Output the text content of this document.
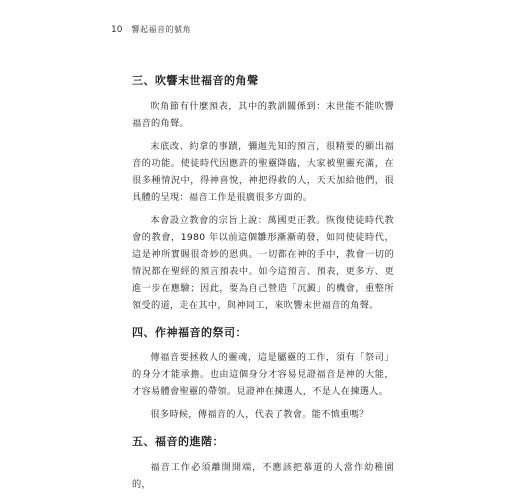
10 響起福音的號角
三、吹響末世福音的角聲

吹角節有什麼預表，其中的教訓關係到：末世能不能吹響福音的角聲。

末底改、約拿的事蹟，彌迦先知的預言，很精要的顯出福音的功能。使徒時代因應許的聖靈降臨，大家被聖靈充滿，在很多種情況中，得神喜悅，神把得救的人，天天加給他們，很具體的呈現：福音工作是很廣很多方面的。

本會設立教會的宗旨上說：萬國更正教。恢復使徒時代教會的教會，1980 年以前這個雛形漸漸萌發，如同使徒時代，這是神所實賜很奇妙的恩典。一切都在神的手中，教會一切的情況都在聖經的預言預表中。如今這預言、預表，更多方、更進一步在應驗；因此，要為自己營造「沉澱」的機會，重整所領受的道，走在其中，與神同工，來吹響末世福音的角聲。

四、作神福音的祭司：

傳福音要拯救人的靈魂，這是屬靈的工作，須有「祭司」的身分才能承擔。也由這個身分才容易見證福音是神的大能，才容易體會聖靈的帶領。見證神在揀選人，不是人在揀選人。

很多時候，傳福音的人，代表了教會。能不慎重嗎？

五、福音的進階：

福音工作必須離開開端，不應該把慕道的人當作幼稚園的，
